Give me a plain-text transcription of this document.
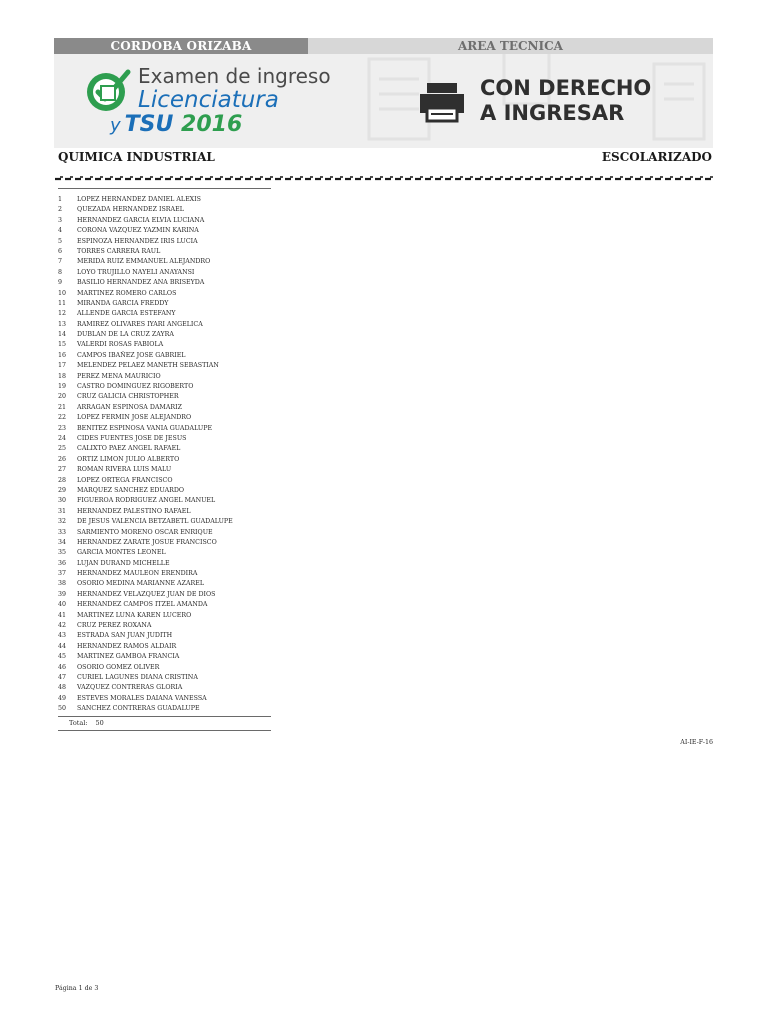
CORDOBA ORIZABA	AREA TECNICA
Examen de ingreso
Licenciatura
y TSU 2016
CON DERECHO
A INGRESAR
QUIMICA INDUSTRIAL	ESCOLARIZADO
1	LOPEZ HERNANDEZ DANIEL ALEXIS
2	QUEZADA HERNANDEZ ISRAEL
3	HERNANDEZ GARCIA ELVIA LUCIANA
4	CORONA VAZQUEZ YAZMIN KARINA
5	ESPINOZA HERNANDEZ IRIS LUCIA
6	TORRES CARRERA RAUL
7	MERIDA RUIZ EMMANUEL ALEJANDRO
8	LOYO TRUJILLO NAYELI ANAYANSI
9	BASILIO HERNANDEZ ANA BRISEYDA
10	MARTINEZ ROMERO CARLOS
11	MIRANDA GARCIA FREDDY
12	ALLENDE GARCIA ESTEFANY
13	RAMIREZ OLIVARES IYARI ANGELICA
14	DUBLAN DE LA CRUZ ZAYRA
15	VALERDI ROSAS FABIOLA
16	CAMPOS IBAÑEZ JOSE GABRIEL
17	MELENDEZ PELAEZ MANETH SEBASTIAN
18	PEREZ MENA MAURICIO
19	CASTRO DOMINGUEZ RIGOBERTO
20	CRUZ GALICIA CHRISTOPHER
21	ARRAGAN ESPINOSA DAMARIZ
22	LOPEZ FERMIN JOSE ALEJANDRO
23	BENITEZ ESPINOSA VANIA GUADALUPE
24	CIDES FUENTES JOSE DE JESUS
25	CALIXTO PAEZ ANGEL RAFAEL
26	ORTIZ LIMON JULIO ALBERTO
27	ROMAN RIVERA LUIS MALU
28	LOPEZ ORTEGA FRANCISCO
29	MARQUEZ SANCHEZ EDUARDO
30	FIGUEROA RODRIGUEZ ANGEL MANUEL
31	HERNANDEZ PALESTINO RAFAEL
32	DE JESUS VALENCIA BETZABETL GUADALUPE
33	SARMIENTO MORENO OSCAR ENRIQUE
34	HERNANDEZ ZARATE JOSUE FRANCISCO
35	GARCIA MONTES LEONEL
36	LUJAN DURAND MICHELLE
37	HERNANDEZ MAULEON ERENDIRA
38	OSORIO MEDINA MARIANNE AZAREL
39	HERNANDEZ VELAZQUEZ JUAN DE DIOS
40	HERNANDEZ CAMPOS ITZEL AMANDA
41	MARTINEZ LUNA KAREN LUCERO
42	CRUZ PEREZ ROXANA
43	ESTRADA SAN JUAN JUDITH
44	HERNANDEZ RAMOS ALDAIR
45	MARTINEZ GAMBOA FRANCIA
46	OSORIO GOMEZ OLIVER
47	CURIEL LAGUNES DIANA CRISTINA
48	VAZQUEZ CONTRERAS GLORIA
49	ESTEVES MORALES DAIANA VANESSA
50	SANCHEZ CONTRERAS GUADALUPE
Total: 50
AI-IE-F-16
Página 1 de 3
